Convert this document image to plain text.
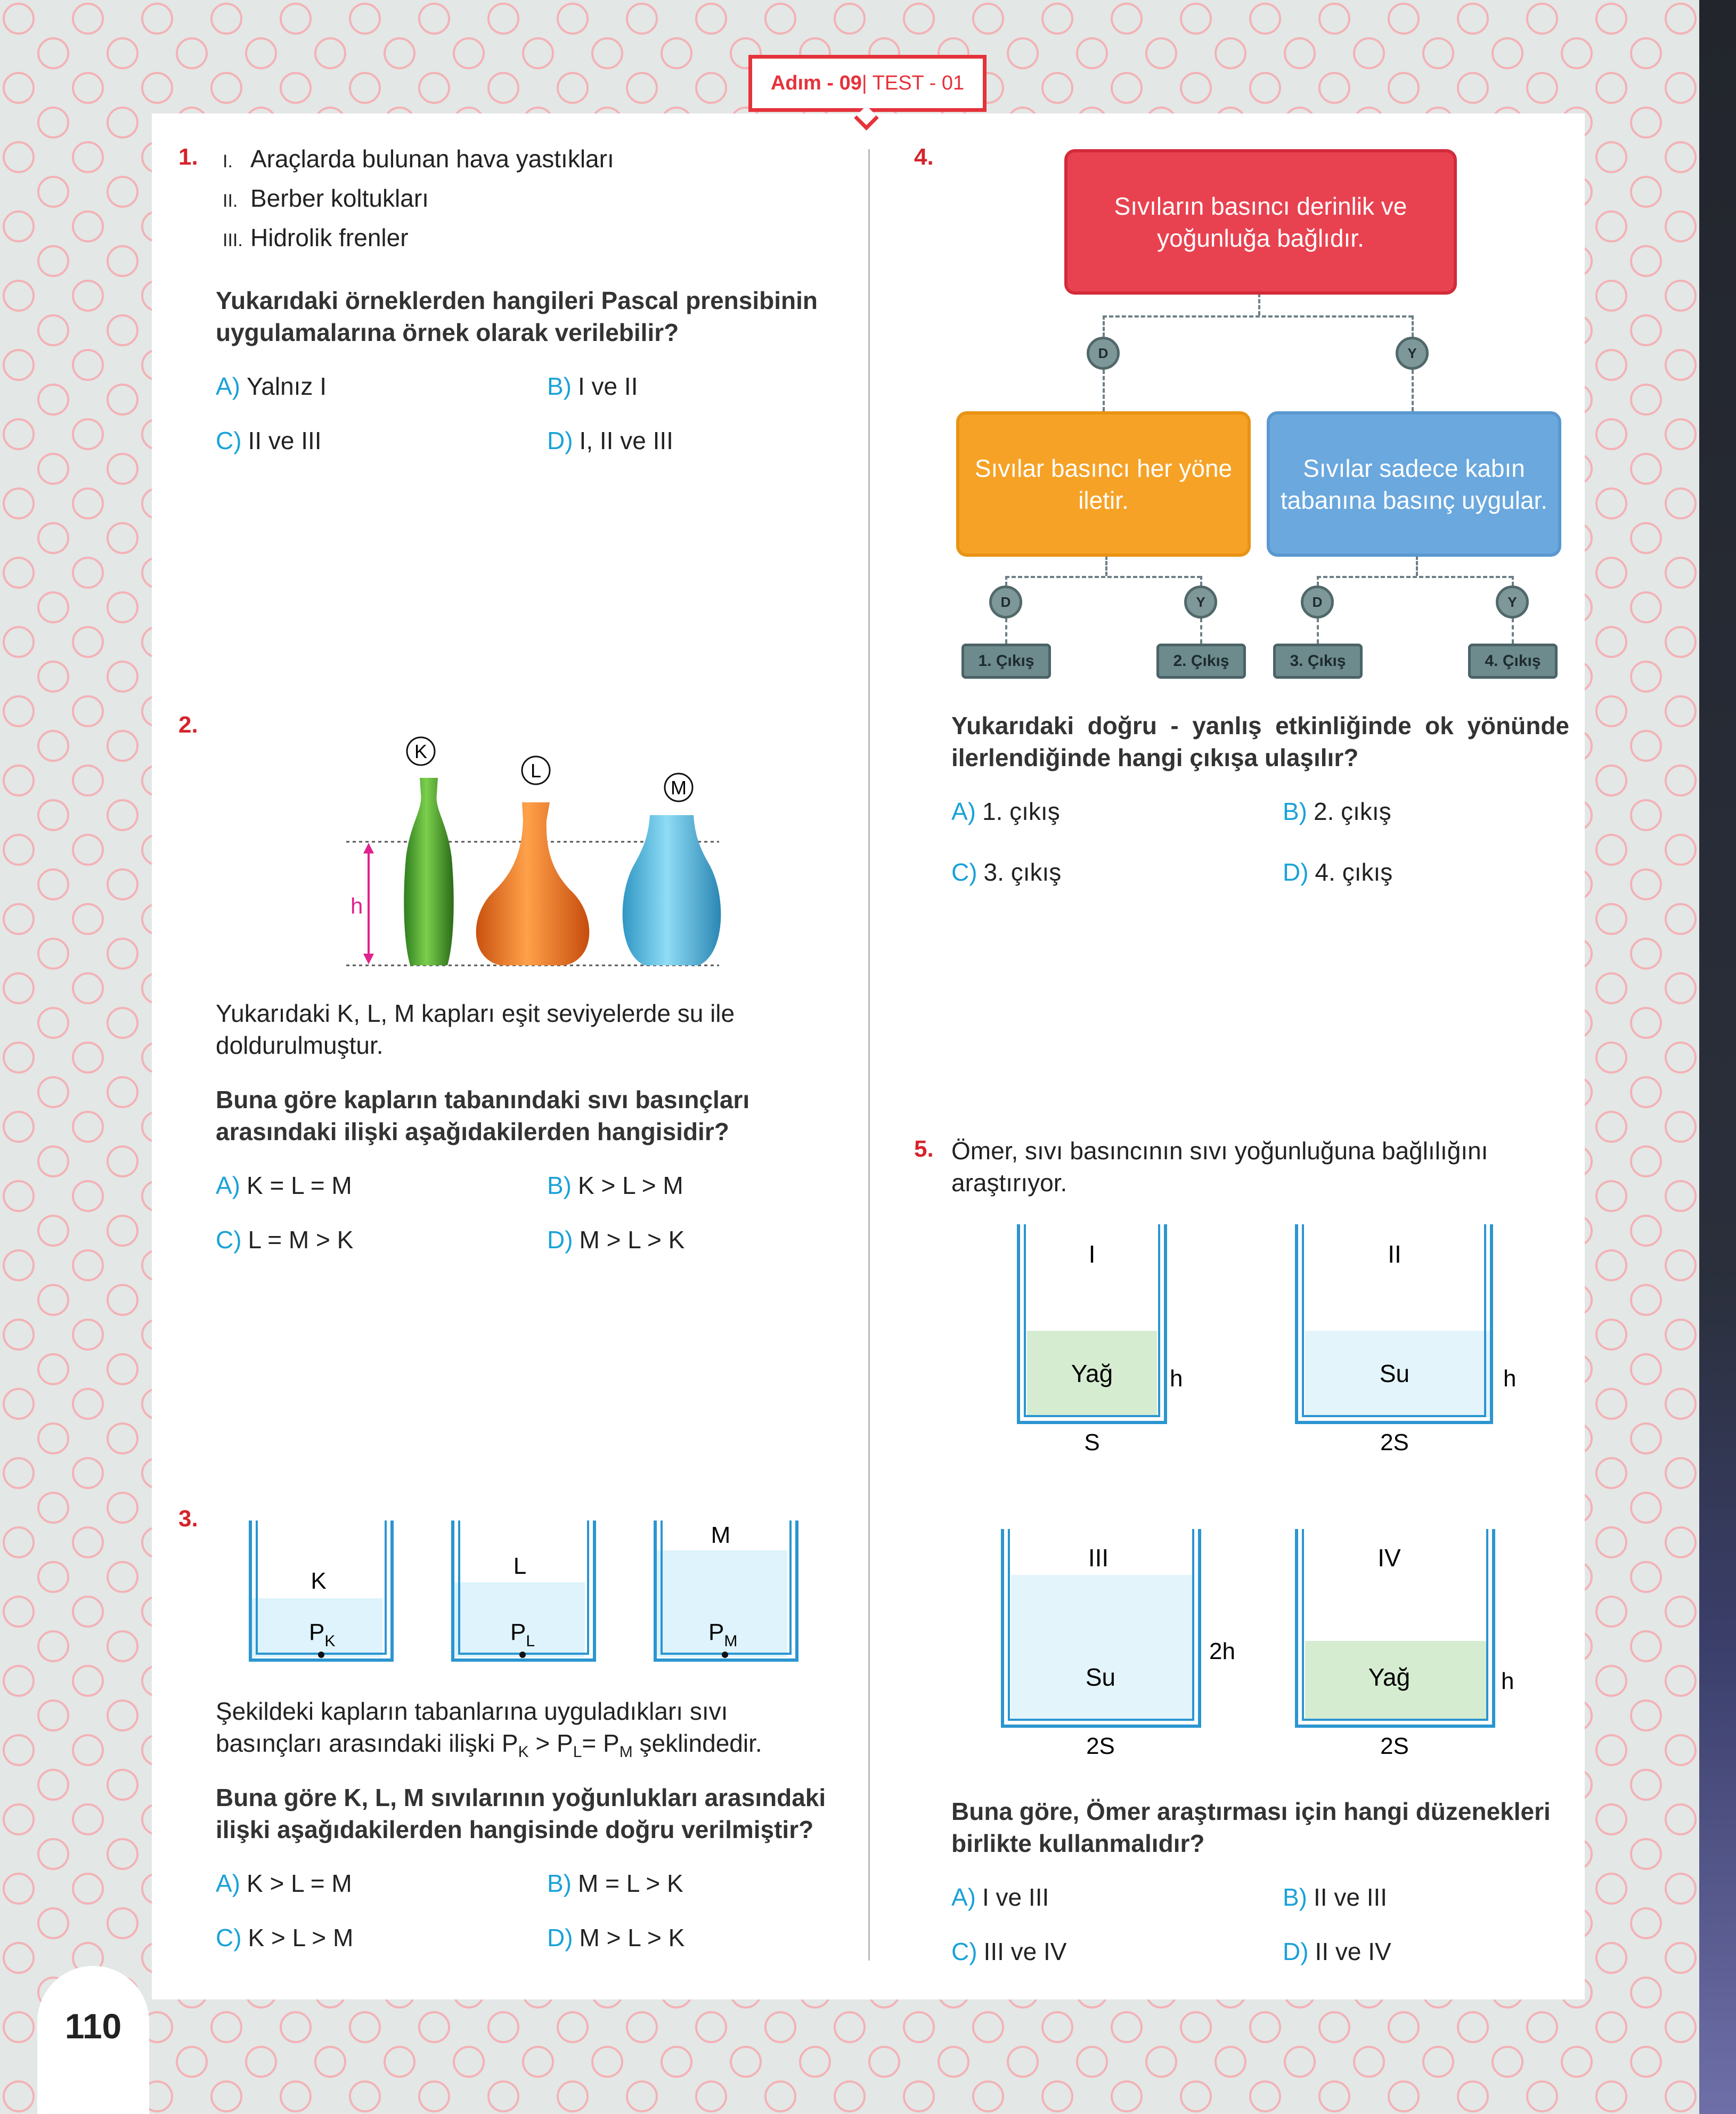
Adım - 09 | TEST - 01
1. I. Araçlarda bulunan hava yastıkları
II. Berber koltukları
III. Hidrolik frenler
Yukarıdaki örneklerden hangileri Pascal prensibinin uygulamalarına örnek olarak verilebilir?
A) Yalnız I	B) I ve II
C) II ve III	D) I, II ve III
2.
h
K
L
M
Yukarıdaki K, L, M kapları eşit seviyelerde su ile doldurulmuştur.
Buna göre kapların tabanındaki sıvı basınçları arasındaki ilişki aşağıdakilerden hangisidir?
A) K = L = M	B) K > L > M
C) L = M > K	D) M > L > K
3.
K
$P_K$
L
$P_L$
M
$P_M$
Şekildeki kapların tabanlarına uyguladıkları sıvı basınçları arasındaki ilişki $P_K > P_L= P_M$ şeklindedir.
Buna göre K, L, M sıvılarının yoğunlukları arasındaki ilişki aşağıdakilerden hangisinde doğru verilmiştir?
A) K > L = M	B) M = L > K
C) K > L > M	D) M > L > K
4.
Sıvıların basıncı derinlik ve yoğunluğa bağlıdır.
Sıvılar basıncı her yöne iletir.
Sıvılar sadece kabın tabanına basınç uygular.
D	Y
D	Y	D	Y
1. Çıkış	2. Çıkış	3. Çıkış	4. Çıkış
Yukarıdaki doğru - yanlış etkinliğinde ok yönünde ilerlendiğinde hangi çıkışa ulaşılır?
A) 1. çıkış	B) 2. çıkış
C) 3. çıkış	D) 4. çıkış
5. Ömer, sıvı basıncının sıvı yoğunluğuna bağlılığını araştırıyor.
I
Yağ h
S
II
Su	h
2S
III
Su
2h
2S
IV
Yağ	h
2S
Buna göre, Ömer araştırması için hangi düzenekleri birlikte kullanmalıdır?
A) I ve III	B) II ve III
C) III ve IV	D) II ve IV
110
